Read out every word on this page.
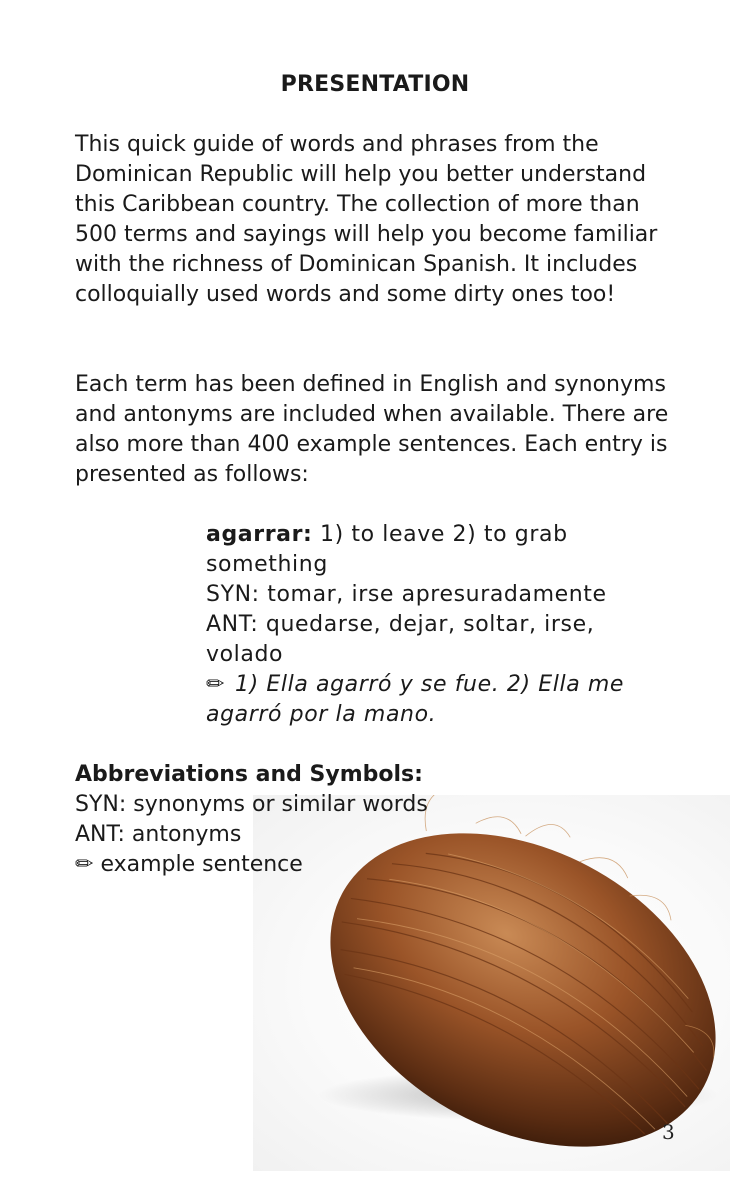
PRESENTATION

This quick guide of words and phrases from the Dominican Republic will help you better understand this Caribbean country. The collection of more than 500 terms and sayings will help you become familiar with the richness of Dominican Spanish. It includes colloquially used words and some dirty ones too!

Each term has been defined in English and synonyms and antonyms are included when available. There are also more than 400 example sentences. Each entry is presented as follows:

agarrar: 1) to leave 2) to grab something
SYN: tomar, irse apresuradamente
ANT: quedarse, dejar, soltar, irse, volado
✏ 1) Ella agarró y se fue. 2) Ella me agarró por la mano.
Abbreviations and Symbols:
SYN: synonyms or similar words
ANT: antonyms
✏ example sentence
3
